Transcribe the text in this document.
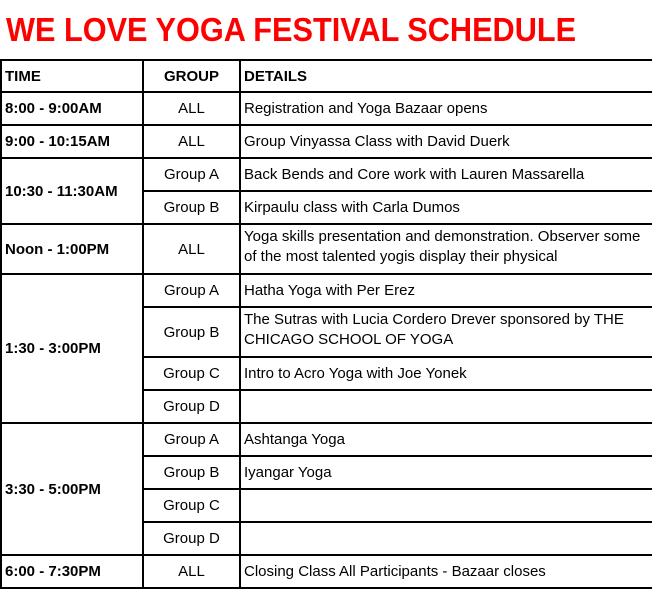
WE LOVE YOGA FESTIVAL SCHEDULE
TIME	GROUP	DETAILS
8:00 - 9:00AM	ALL	Registration and Yoga Bazaar opens
9:00 - 10:15AM	ALL	Group Vinyassa Class with David Duerk
10:30 - 11:30AM	Group A	Back Bends and Core work with Lauren Massarella
	Group B	Kirpaulu class with Carla Dumos
Noon - 1:00PM	ALL	Yoga skills presentation and demonstration. Observer some of the most talented yogis display their physical

1:30 - 3:00PM	Group A	Hatha Yoga with Per Erez
	Group B	The Sutras with Lucia Cordero Drever sponsored by THE CHICAGO SCHOOL OF YOGA

	Group C	Intro to Acro Yoga with Joe Yonek
	Group D	
3:30 - 5:00PM	Group A	Ashtanga Yoga
	Group B	Iyangar Yoga
	Group C	
	Group D	
6:00 - 7:30PM	ALL	Closing Class All Participants - Bazaar closes
